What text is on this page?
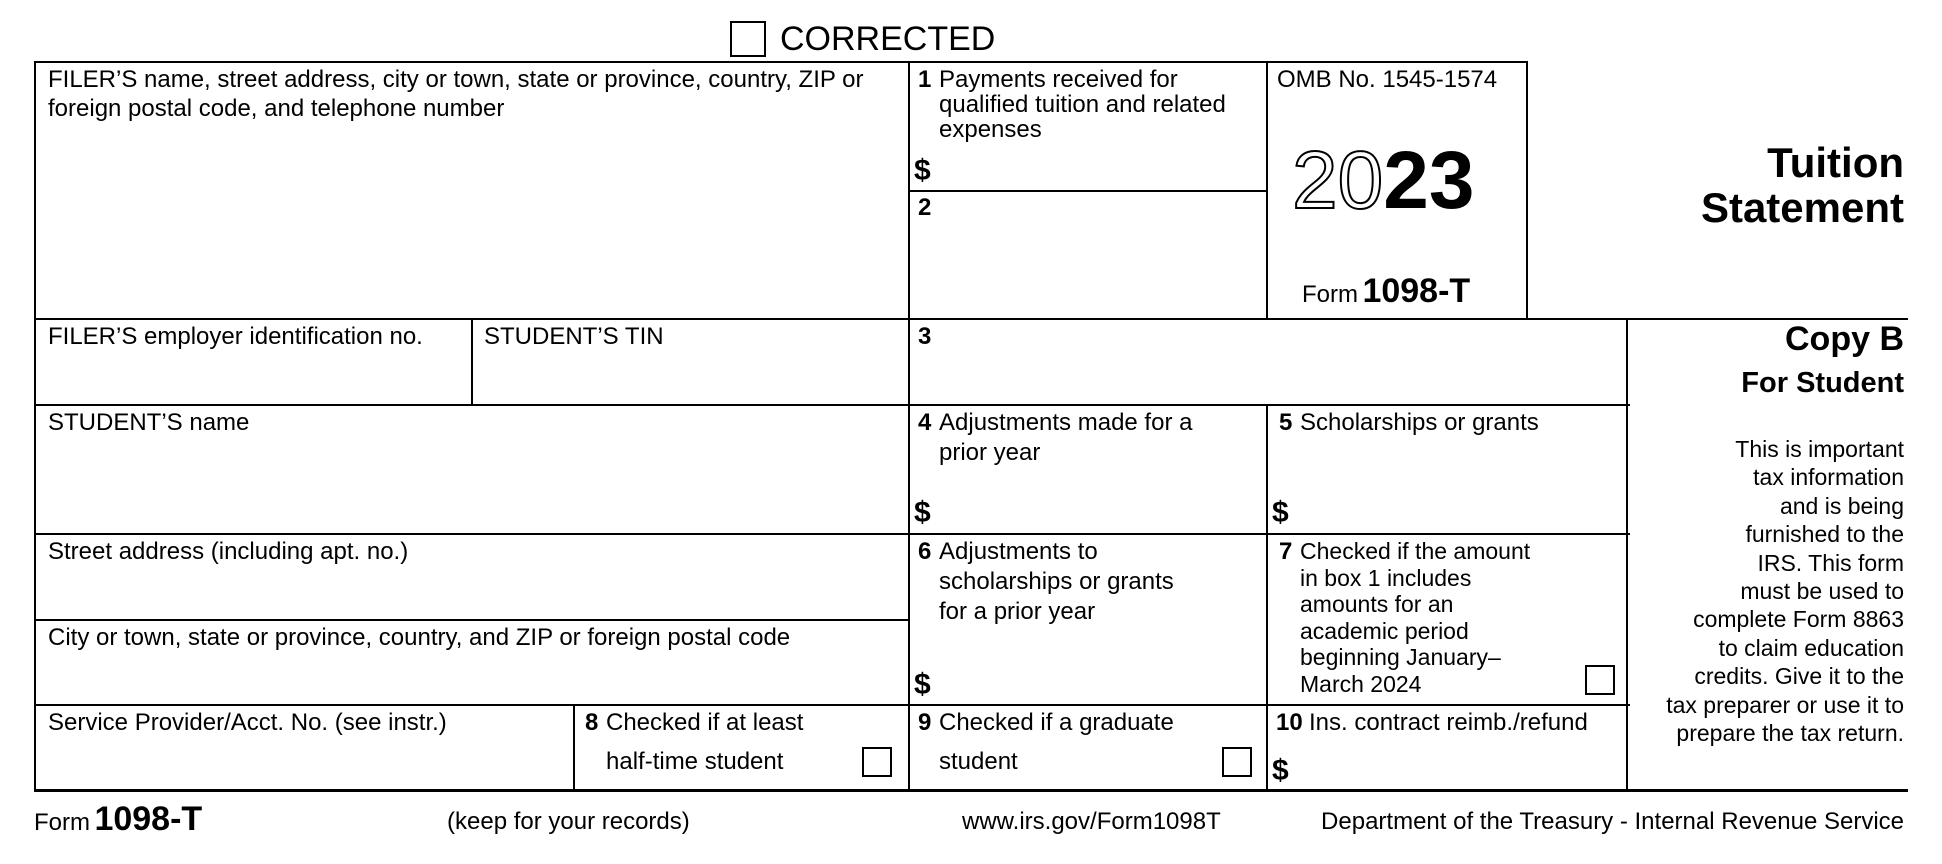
CORRECTED
FILER’S name, street address, city or town, state or province, country, ZIP or
foreign postal code, and telephone number
1 Payments received for
qualified tuition and related
expenses
$
2
OMB No. 1545-1574
2023
Form 1098-T
Tuition
Statement
FILER’S employer identification no.	STUDENT’S TIN	3	Copy B
For Student
This is important
tax information
and is being
furnished to the
IRS. This form
must be used to
complete Form 8863
to claim education
credits. Give it to the
tax preparer or use it to
prepare the tax return.
STUDENT’S name	4 Adjustments made for a
prior year
$
5 Scholarships or grants
$
Street address (including apt. no.)
City or town, state or province, country, and ZIP or foreign postal code
6 Adjustments to
scholarships or grants
for a prior year
$
7 Checked if the amount
in box 1 includes
amounts for an
academic period
beginning January–
March 2024
Service Provider/Acct. No. (see instr.)	8 Checked if at least
half-time student
9 Checked if a graduate
student
10 Ins. contract reimb./refund
$
Form 1098-T	(keep for your records)	www.irs.gov/Form1098T	Department of the Treasury - Internal Revenue Service
